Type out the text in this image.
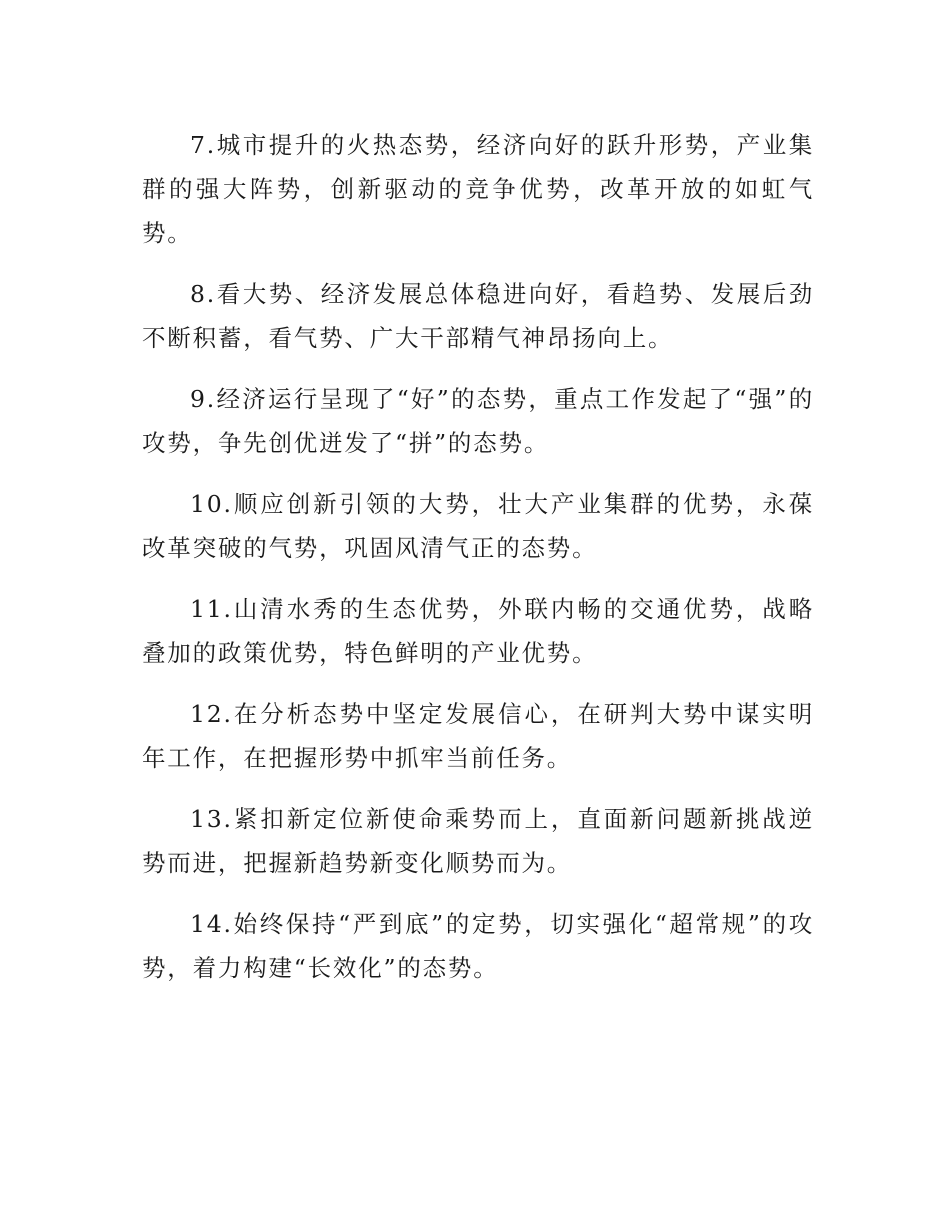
7.城市提升的火热态势，经济向好的跃升形势，产业集群的强大阵势，创新驱动的竞争优势，改革开放的如虹气势。

8.看大势、经济发展总体稳进向好，看趋势、发展后劲不断积蓄，看气势、广大干部精气神昂扬向上。

9.经济运行呈现了“好”的态势，重点工作发起了“强”的攻势，争先创优迸发了“拼”的态势。

10.顺应创新引领的大势，壮大产业集群的优势，永葆改革突破的气势，巩固风清气正的态势。

11.山清水秀的生态优势，外联内畅的交通优势，战略叠加的政策优势，特色鲜明的产业优势。

12.在分析态势中坚定发展信心，在研判大势中谋实明年工作，在把握形势中抓牢当前任务。

13.紧扣新定位新使命乘势而上，直面新问题新挑战逆势而进，把握新趋势新变化顺势而为。

14.始终保持“严到底”的定势，切实强化“超常规”的攻势，着力构建“长效化”的态势。
